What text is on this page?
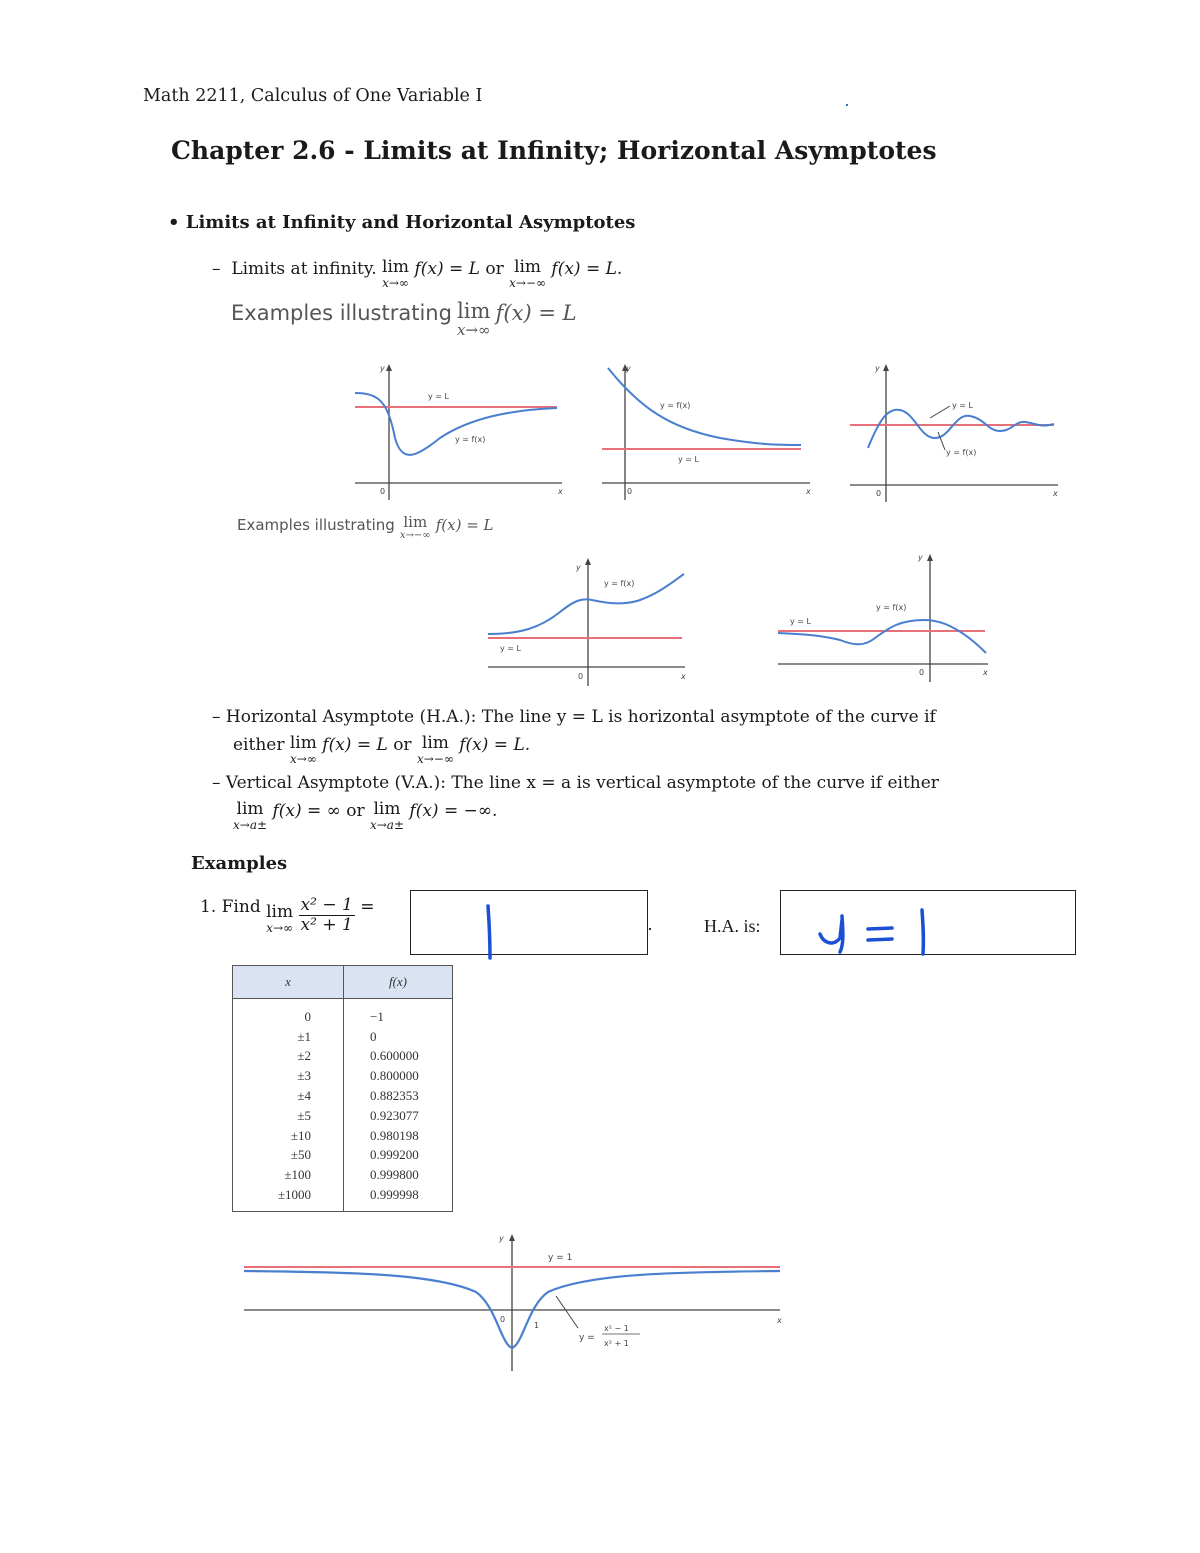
Math 2211, Calculus of One Variable I
Chapter 2.6 - Limits at Infinity; Horizontal Asymptotes
• Limits at Infinity and Horizontal Asymptotes
–  Limits at infinity. lim
x→∞
f(x) = L or lim
x→−∞
f(x) = L.
Examples illustrating lim
x→∞
f(x) = L
y
0	x
y = L
y = f(x)
y
0	x
y = f(x)
y = L
y
0	x
y = L
y = f(x)
Examples illustrating lim
x→−∞
f(x) = L
y
0	x
y = f(x)
y = L
y
0	x
y = f(x)
y = L
– Horizontal Asymptote (H.A.): The line y = L is horizontal asymptote of the curve if
either lim
x→∞
f(x) = L or lim
x→−∞
f(x) = L.
– Vertical Asymptote (V.A.): The line x = a is vertical asymptote of the curve if either
lim
x→a±
f(x) = ∞ or lim
x→a±
f(x) = −∞.
Examples
1. Find lim
x→∞
$\frac{\text{x² − 1}}{\text{x² + 1}}$ =
1
H.A. is:
y = 1
x	f(x)
0	−1
±1	0
±2	0.600000
±3	0.800000
±4	0.882353
±5	0.923077
±10	0.980198
±50	0.999200
±100	0.999800
±1000	0.999998
y
0
1
x
y = 1
y =
x² − 1
x² + 1
